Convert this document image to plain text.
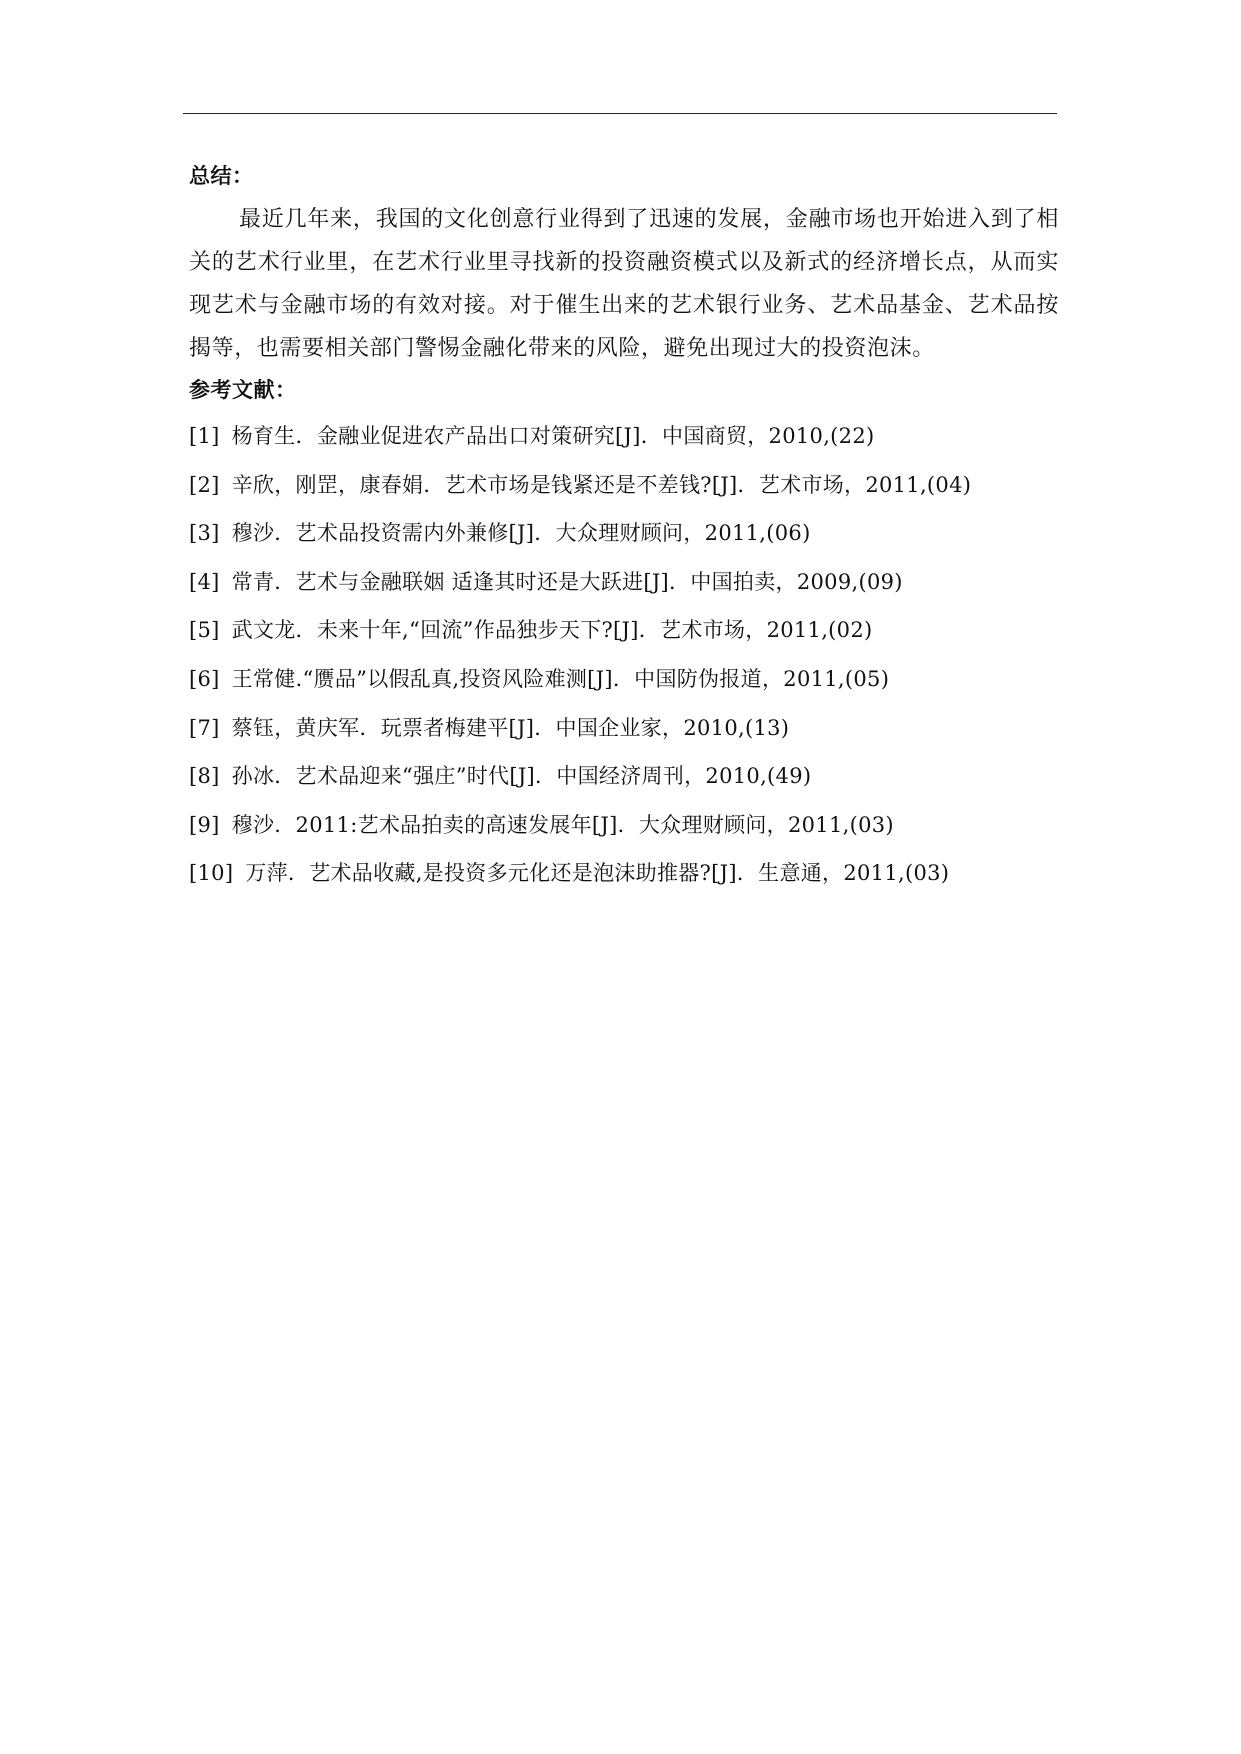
总结：

最近几年来，我国的文化创意行业得到了迅速的发展，金融市场也开始进入到了相关的艺术行业里，在艺术行业里寻找新的投资融资模式以及新式的经济增长点，从而实现艺术与金融市场的有效对接。对于催生出来的艺术银行业务、艺术品基金、艺术品按揭等，也需要相关部门警惕金融化带来的风险，避免出现过大的投资泡沫。

参考文献：
[1] 杨育生．金融业促进农产品出口对策研究[J]．中国商贸，2010,(22)
[2] 辛欣，刚罡，康春娟．艺术市场是钱紧还是不差钱?[J]．艺术市场，2011,(04)
[3] 穆沙．艺术品投资需内外兼修[J]．大众理财顾问，2011,(06)
[4] 常青．艺术与金融联姻 适逢其时还是大跃进[J]．中国拍卖，2009,(09)
[5] 武文龙．未来十年,“回流”作品独步天下?[J]．艺术市场，2011,(02)
[6] 王常健.“赝品”以假乱真,投资风险难测[J]．中国防伪报道，2011,(05)
[7] 蔡钰，黄庆军．玩票者梅建平[J]．中国企业家，2010,(13)
[8] 孙冰．艺术品迎来“强庄”时代[J]．中国经济周刊，2010,(49)
[9] 穆沙．2011:艺术品拍卖的高速发展年[J]．大众理财顾问，2011,(03)
[10] 万萍．艺术品收藏,是投资多元化还是泡沫助推器?[J]．生意通，2011,(03)
